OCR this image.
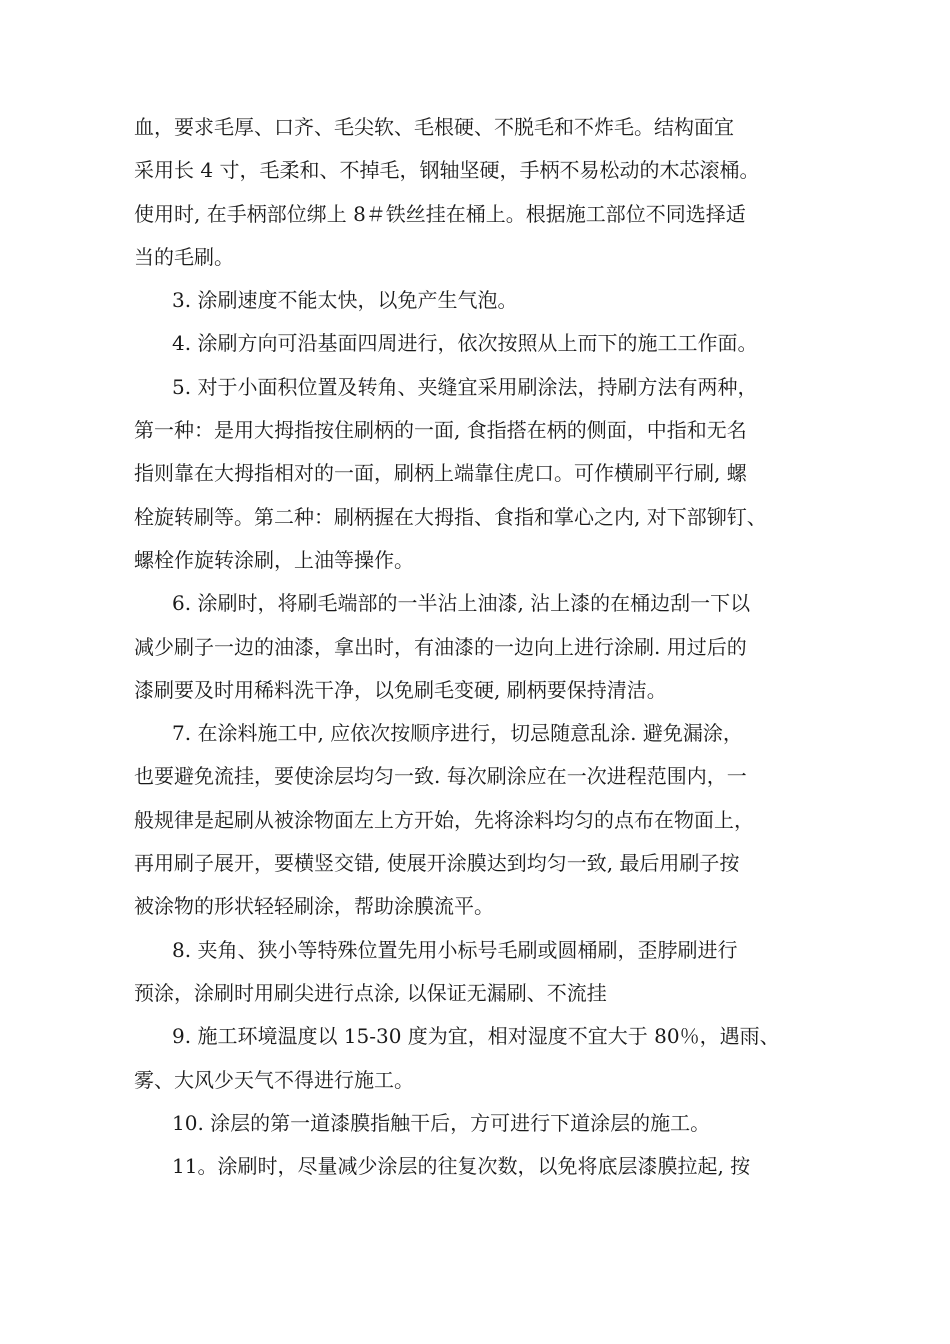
血，要求毛厚、口齐、毛尖软、毛根硬、不脱毛和不炸毛。结构面宜
采用长 4 寸，毛柔和、不掉毛，钢轴坚硬，手柄不易松动的木芯滚桶。
使用时, 在手柄部位绑上 8＃铁丝挂在桶上。根据施工部位不同选择适
当的毛刷。
3. 涂刷速度不能太快，以免产生气泡。
4. 涂刷方向可沿基面四周进行，依次按照从上而下的施工工作面。
5. 对于小面积位置及转角、夹缝宜采用刷涂法，持刷方法有两种，
第一种：是用大拇指按住刷柄的一面, 食指搭在柄的侧面，中指和无名
指则靠在大拇指相对的一面，刷柄上端靠住虎口。可作横刷平行刷, 螺
栓旋转刷等。第二种：刷柄握在大拇指、食指和掌心之内, 对下部铆钉、
螺栓作旋转涂刷，上油等操作。
6. 涂刷时，将刷毛端部的一半沾上油漆, 沾上漆的在桶边刮一下以
减少刷子一边的油漆，拿出时，有油漆的一边向上进行涂刷. 用过后的
漆刷要及时用稀料洗干净，以免刷毛变硬, 刷柄要保持清洁。
7. 在涂料施工中, 应依次按顺序进行，切忌随意乱涂. 避免漏涂，
也要避免流挂，要使涂层均匀一致. 每次刷涂应在一次进程范围内，一
般规律是起刷从被涂物面左上方开始，先将涂料均匀的点布在物面上，
再用刷子展开，要横竖交错, 使展开涂膜达到均匀一致, 最后用刷子按
被涂物的形状轻轻刷涂，帮助涂膜流平。
8. 夹角、狭小等特殊位置先用小标号毛刷或圆桶刷，歪脖刷进行
预涂，涂刷时用刷尖进行点涂, 以保证无漏刷、不流挂
9. 施工环境温度以 15-30 度为宜，相对湿度不宜大于 80％，遇雨、
雾、大风少天气不得进行施工。
10. 涂层的第一道漆膜指触干后，方可进行下道涂层的施工。
11。涂刷时，尽量减少涂层的往复次数，以免将底层漆膜拉起, 按
